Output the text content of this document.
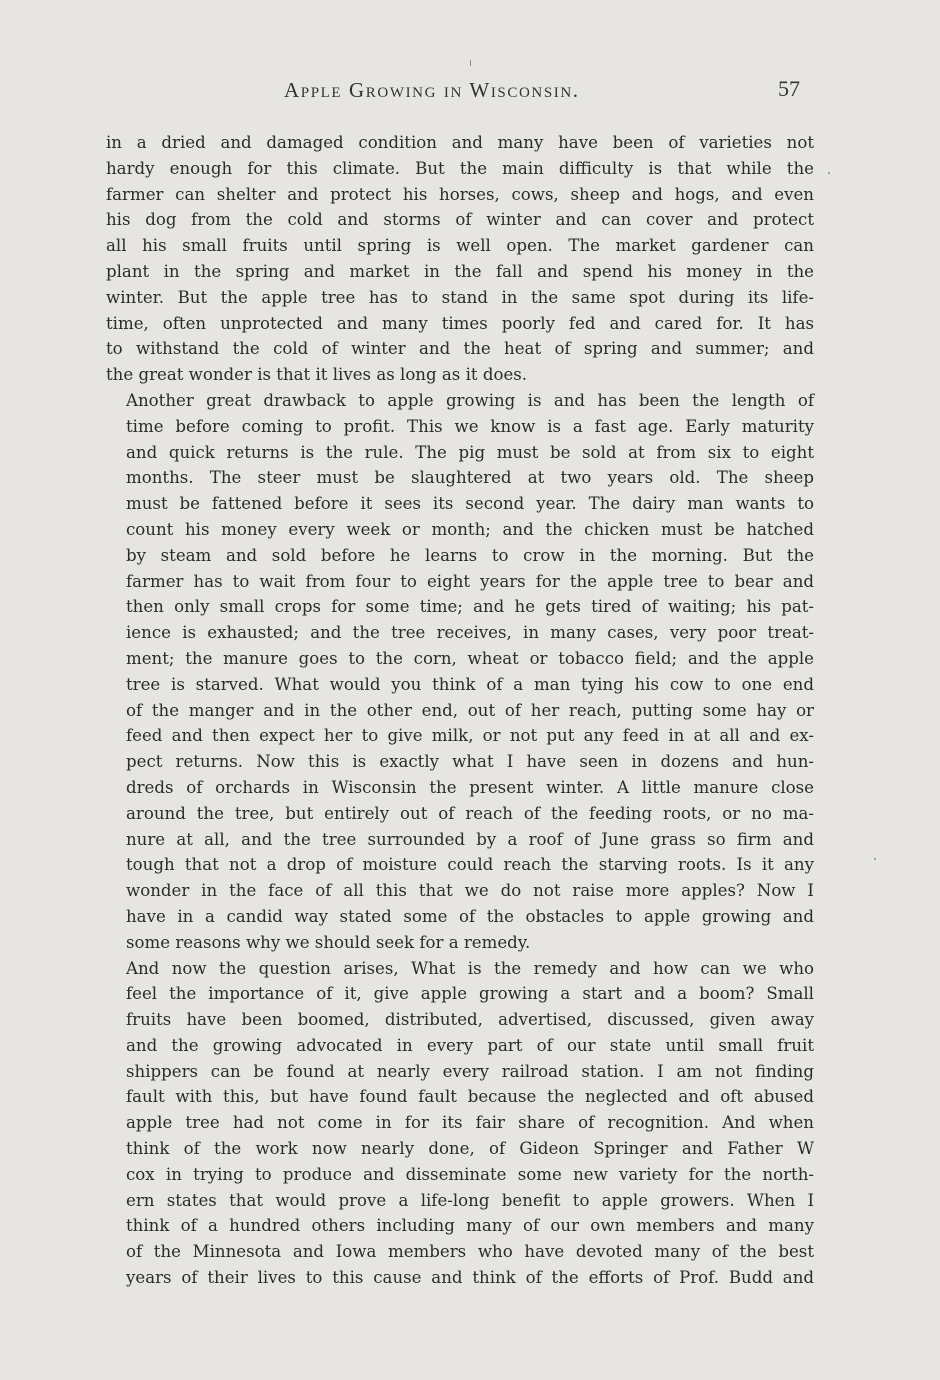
Apple Growing in Wisconsin.	57

in a dried and damaged condition and many have been of varieties not
hardy enough for this climate. But the main difficulty is that while the
farmer can shelter and protect his horses, cows, sheep and hogs, and even
his dog from the cold and storms of winter and can cover and protect
all his small fruits until spring is well open. The market gardener can
plant in the spring and market in the fall and spend his money in the
winter. But the apple tree has to stand in the same spot during its life-
time, often unprotected and many times poorly fed and cared for. It has
to withstand the cold of winter and the heat of spring and summer; and
the great wonder is that it lives as long as it does.

Another great drawback to apple growing is and has been the length of
time before coming to profit. This we know is a fast age. Early maturity
and quick returns is the rule. The pig must be sold at from six to eight
months. The steer must be slaughtered at two years old. The sheep
must be fattened before it sees its second year. The dairy man wants to
count his money every week or month; and the chicken must be hatched
by steam and sold before he learns to crow in the morning. But the
farmer has to wait from four to eight years for the apple tree to bear and
then only small crops for some time; and he gets tired of waiting; his pat-
ience is exhausted; and the tree receives, in many cases, very poor treat-
ment; the manure goes to the corn, wheat or tobacco field; and the apple
tree is starved. What would you think of a man tying his cow to one end
of the manger and in the other end, out of her reach, putting some hay or
feed and then expect her to give milk, or not put any feed in at all and ex-
pect returns. Now this is exactly what I have seen in dozens and hun-
dreds of orchards in Wisconsin the present winter. A little manure close
around the tree, but entirely out of reach of the feeding roots, or no ma-
nure at all, and the tree surrounded by a roof of June grass so firm and
tough that not a drop of moisture could reach the starving roots. Is it any
wonder in the face of all this that we do not raise more apples? Now I
have in a candid way stated some of the obstacles to apple growing and
some reasons why we should seek for a remedy.

And now the question arises, What is the remedy and how can we who
feel the importance of it, give apple growing a start and a boom? Small
fruits have been boomed, distributed, advertised, discussed, given away
and the growing advocated in every part of our state until small fruit
shippers can be found at nearly every railroad station. I am not finding
fault with this, but have found fault because the neglected and oft abused
apple tree had not come in for its fair share of recognition. And when
think of the work now nearly done, of Gideon Springer and Father W
cox in trying to produce and disseminate some new variety for the north-
ern states that would prove a life-long benefit to apple growers. When I
think of a hundred others including many of our own members and many
of the Minnesota and Iowa members who have devoted many of the best
years of their lives to this cause and think of the efforts of Prof. Budd and
